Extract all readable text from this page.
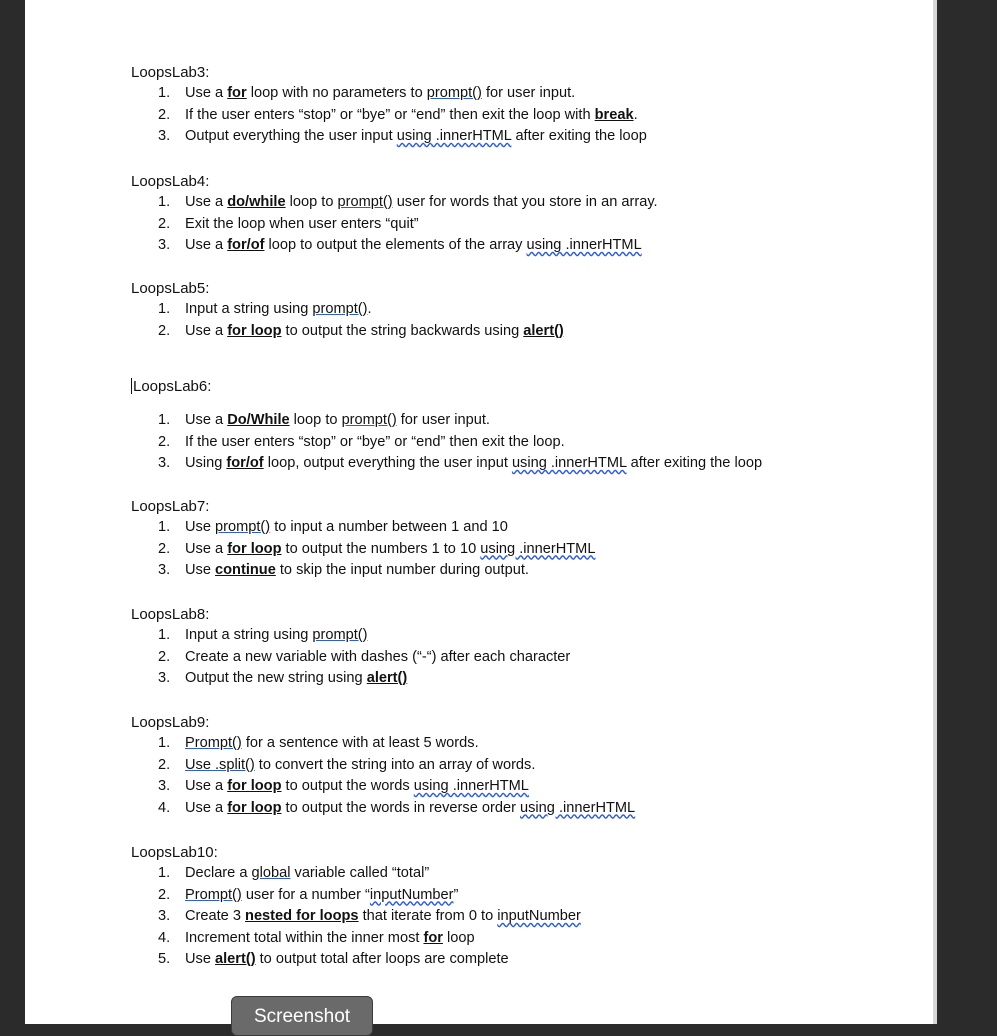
LoopsLab3:

1. Use a for loop with no parameters to prompt() for user input.
2. If the user enters “stop” or “bye” or “end” then exit the loop with break.
3. Output everything the user input using .innerHTML after exiting the loop

LoopsLab4:

1. Use a do/while loop to prompt() user for words that you store in an array.
2. Exit the loop when user enters “quit”
3. Use a for/of loop to output the elements of the array using .innerHTML

LoopsLab5:

1. Input a string using prompt().
2. Use a for loop to output the string backwards using alert()

LoopsLab6:

1. Use a Do/While loop to prompt() for user input.
2. If the user enters “stop” or “bye” or “end” then exit the loop.
3. Using for/of loop, output everything the user input using .innerHTML after exiting the loop

LoopsLab7:

1. Use prompt() to input a number between 1 and 10
2. Use a for loop to output the numbers 1 to 10 using .innerHTML
3. Use continue to skip the input number during output.

LoopsLab8:

1. Input a string using prompt()
2. Create a new variable with dashes (“-“) after each character
3. Output the new string using alert()

LoopsLab9:

1. Prompt() for a sentence with at least 5 words.
2. Use .split() to convert the string into an array of words.
3. Use a for loop to output the words using .innerHTML
4. Use a for loop to output the words in reverse order using .innerHTML

LoopsLab10:

1. Declare a global variable called “total”
2. Prompt() user for a number “inputNumber”
3. Create 3 nested for loops that iterate from 0 to inputNumber
4. Increment total within the inner most for loop
5. Use alert() to output total after loops are complete
Screenshot
